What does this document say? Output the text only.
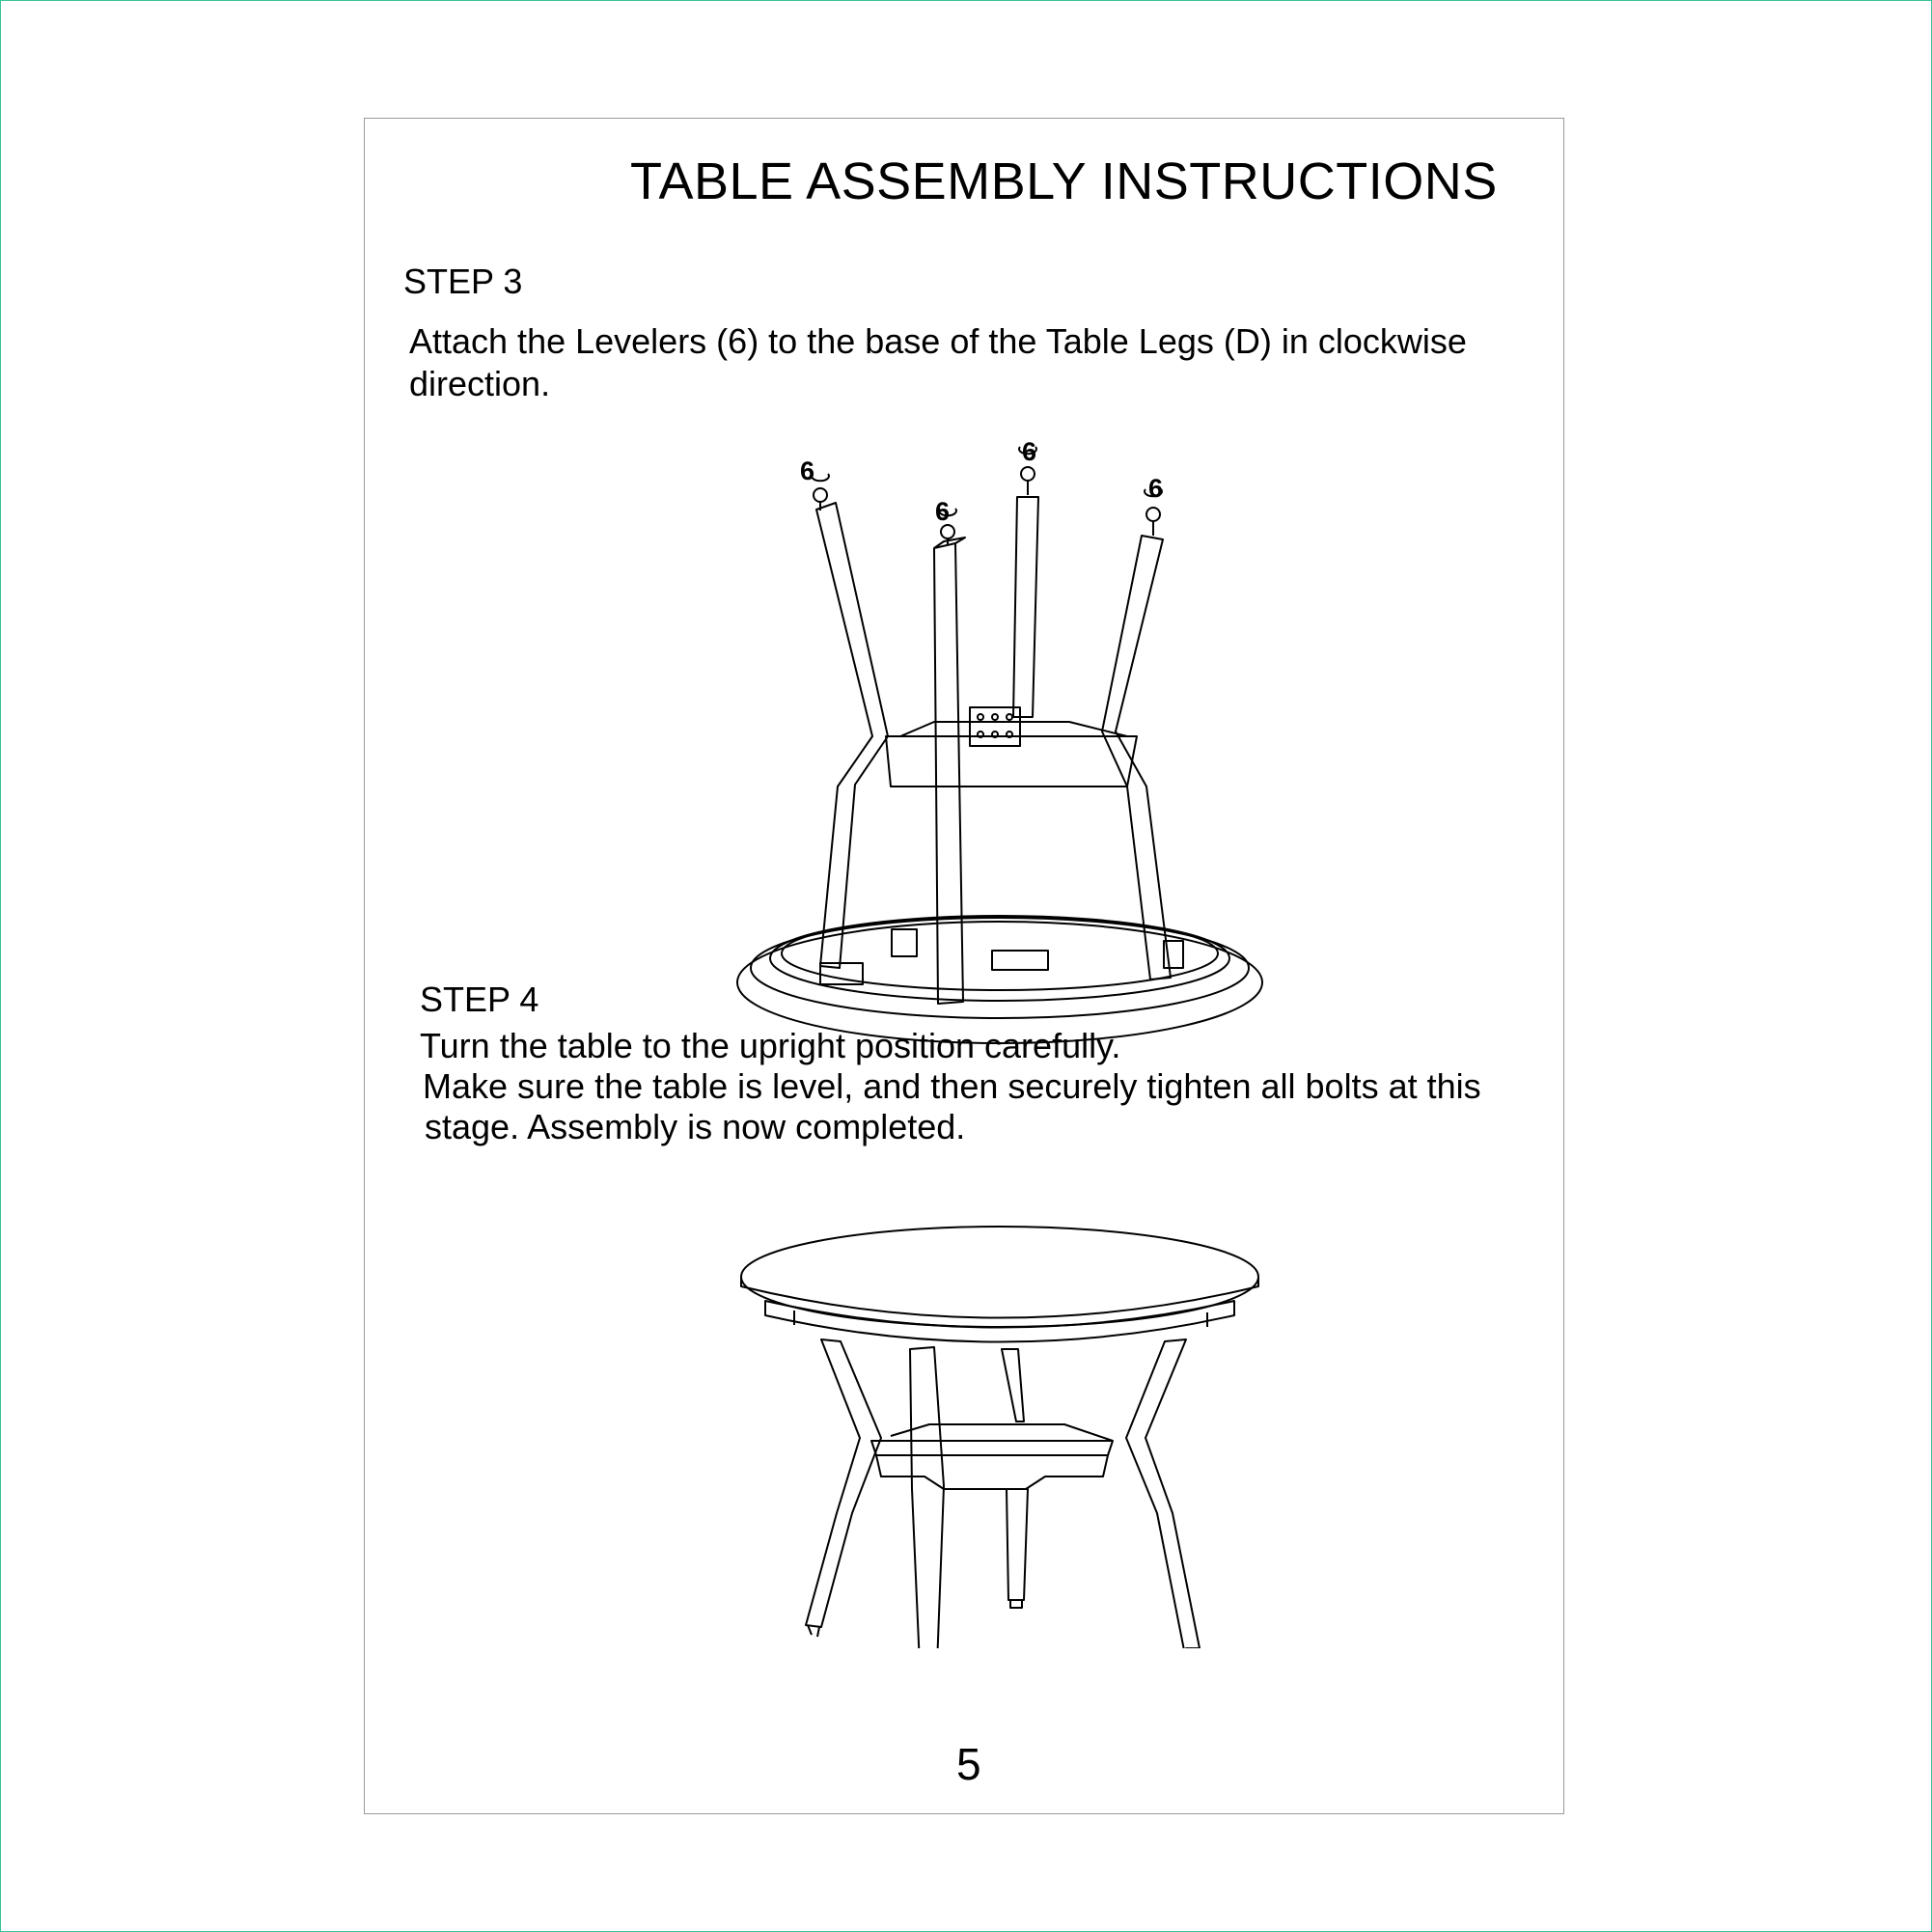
TABLE ASSEMBLY INSTRUCTIONS
STEP 3
Attach the Levelers (6) to the base of the Table Legs (D) in clockwise
direction.
6
6
6
6
STEP 4
Turn the table to the upright position carefully.
Make sure the table is level, and then securely tighten all bolts at this
stage. Assembly is now completed.
5
